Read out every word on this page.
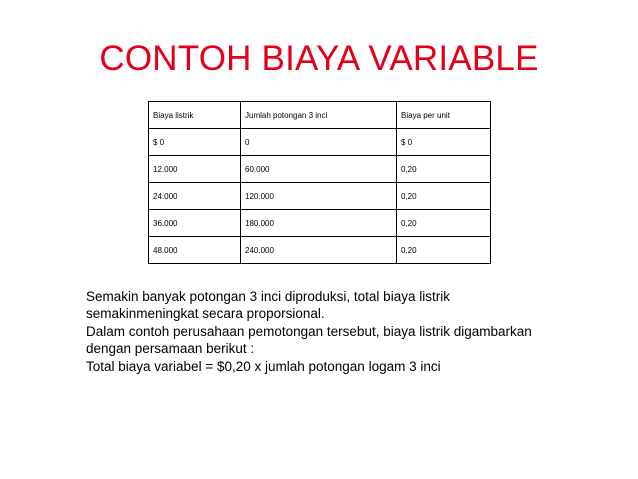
CONTOH BIAYA VARIABLE
Biaya listrik	Jumlah potongan 3 inci	Biaya per unit
$ 0	0	$ 0
12.000	60.000	0,20
24.000	120.000	0,20
36.000	180.000	0,20
48.000	240.000	0,20

Semakin banyak potongan 3 inci diproduksi, total biaya listrik

semakinmeningkat secara proporsional.

Dalam contoh perusahaan pemotongan tersebut, biaya listrik digambarkan

dengan persamaan berikut :

Total biaya variabel = $0,20 x jumlah potongan logam 3 inci
